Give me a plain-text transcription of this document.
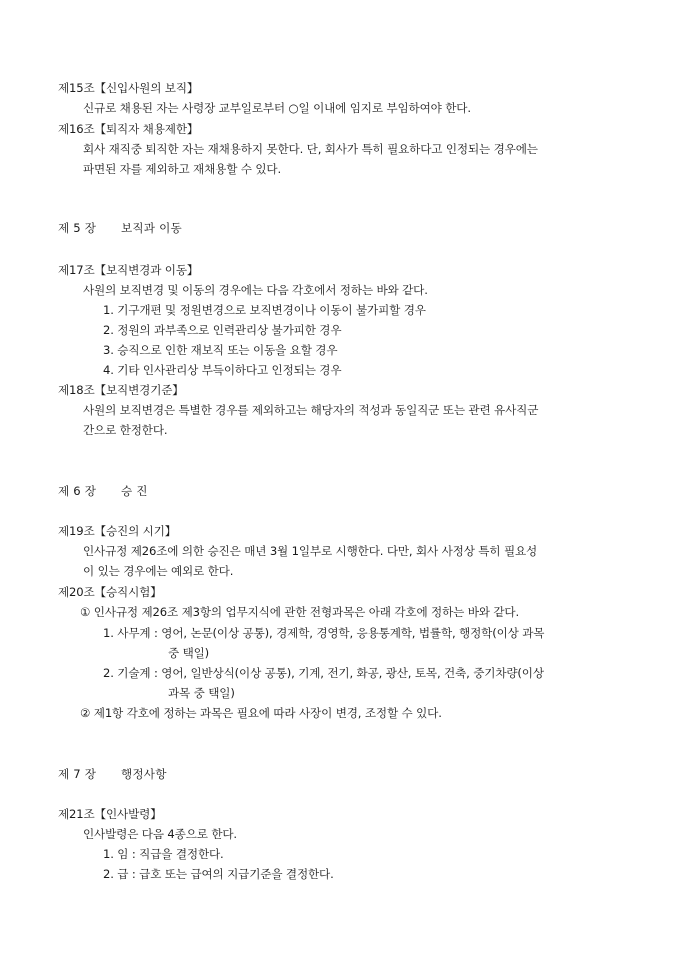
제15조【신입사원의 보직】
신규로 채용된 자는 사령장 교부일로부터 ○일 이내에 임지로 부임하여야 한다.
제16조【퇴직자 채용제한】
회사 재직중 퇴직한 자는 재채용하지 못한다. 단, 회사가 특히 필요하다고 인정되는 경우에는
파면된 자를 제외하고 재채용할 수 있다.
제 5 장 보직과 이동
제17조【보직변경과 이동】
사원의 보직변경 및 이동의 경우에는 다음 각호에서 정하는 바와 같다.
1. 기구개편 및 정원변경으로 보직변경이나 이동이 불가피할 경우
2. 정원의 과부족으로 인력관리상 불가피한 경우
3. 승직으로 인한 재보직 또는 이동을 요할 경우
4. 기타 인사관리상 부득이하다고 인정되는 경우
제18조【보직변경기준】
사원의 보직변경은 특별한 경우를 제외하고는 해당자의 적성과 동일직군 또는 관련 유사직군
간으로 한정한다.
제 6 장 승 진
제19조【승진의 시기】
인사규정 제26조에 의한 승진은 매년 3월 1일부로 시행한다. 다만, 회사 사정상 특히 필요성
이 있는 경우에는 예외로 한다.
제20조【승직시험】
① 인사규정 제26조 제3항의 업무지식에 관한 전형과목은 아래 각호에 정하는 바와 같다.
1. 사무계 : 영어, 논문(이상 공통), 경제학, 경영학, 응용통계학, 법률학, 행정학(이상 과목
중 택일)
2. 기술계 : 영어, 일반상식(이상 공통), 기계, 전기, 화공, 광산, 토목, 건축, 중기차량(이상
과목 중 택일)
② 제1항 각호에 정하는 과목은 필요에 따라 사장이 변경, 조정할 수 있다.
제 7 장 행정사항
제21조【인사발령】
인사발령은 다음 4종으로 한다.
1. 임 : 직급을 결정한다.
2. 급 : 급호 또는 급여의 지급기준을 결정한다.
